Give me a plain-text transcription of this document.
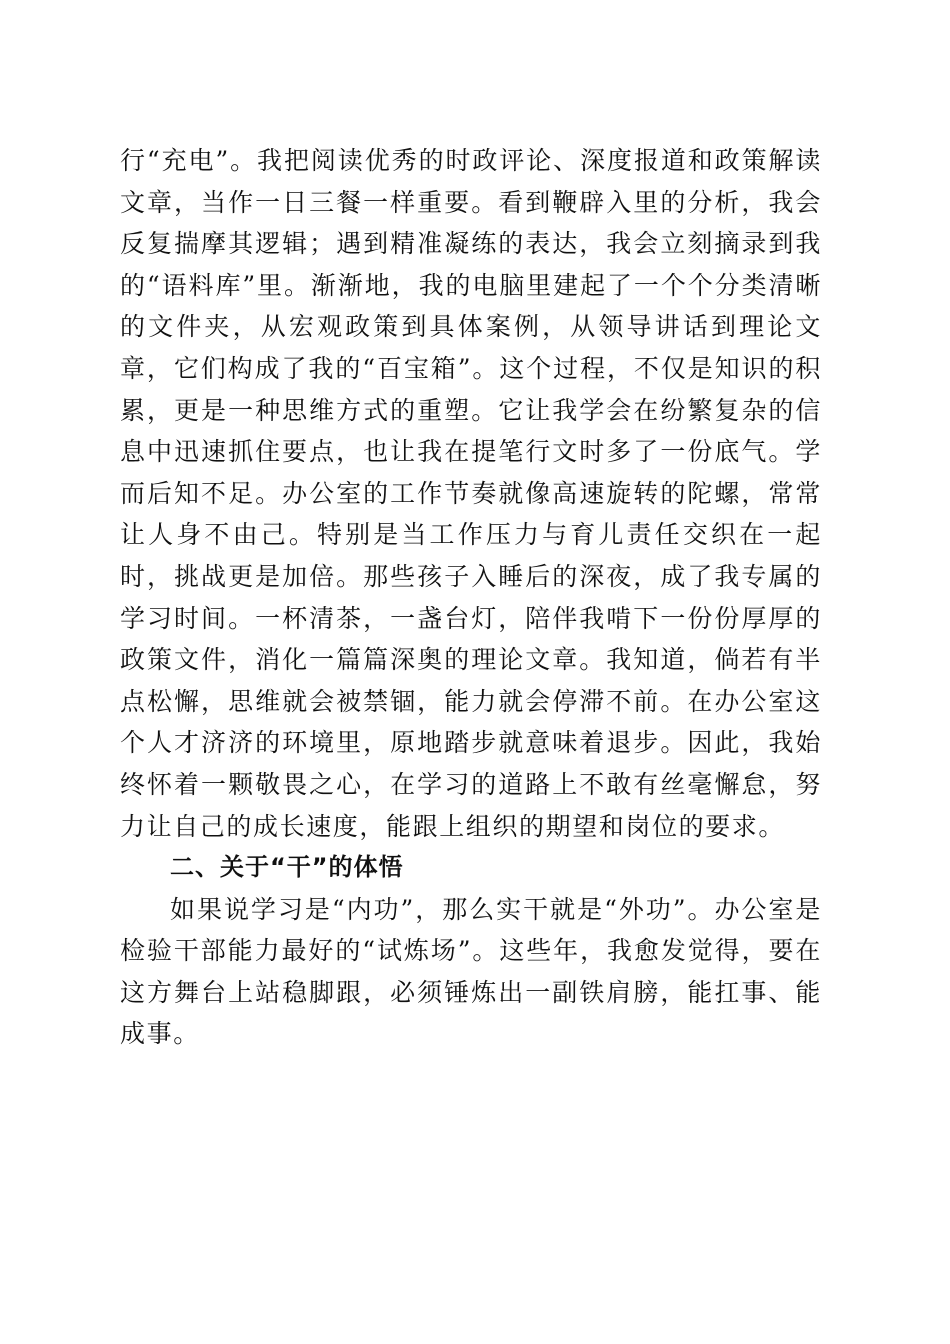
行“充电”。我把阅读优秀的时政评论、深度报道和政策解读文章，当作一日三餐一样重要。看到鞭辟入里的分析，我会反复揣摩其逻辑；遇到精准凝练的表达，我会立刻摘录到我的“语料库”里。渐渐地，我的电脑里建起了一个个分类清晰的文件夹，从宏观政策到具体案例，从领导讲话到理论文章，它们构成了我的“百宝箱”。这个过程，不仅是知识的积累，更是一种思维方式的重塑。它让我学会在纷繁复杂的信息中迅速抓住要点，也让我在提笔行文时多了一份底气。学而后知不足。办公室的工作节奏就像高速旋转的陀螺，常常让人身不由己。特别是当工作压力与育儿责任交织在一起时，挑战更是加倍。那些孩子入睡后的深夜，成了我专属的学习时间。一杯清茶，一盏台灯，陪伴我啃下一份份厚厚的政策文件，消化一篇篇深奥的理论文章。我知道，倘若有半点松懈，思维就会被禁锢，能力就会停滞不前。在办公室这个人才济济的环境里，原地踏步就意味着退步。因此，我始终怀着一颗敬畏之心，在学习的道路上不敢有丝毫懈怠，努力让自己的成长速度，能跟上组织的期望和岗位的要求。

二、关于“干”的体悟

如果说学习是“内功”，那么实干就是“外功”。办公室是检验干部能力最好的“试炼场”。这些年，我愈发觉得，要在这方舞台上站稳脚跟，必须锤炼出一副铁肩膀，能扛事、能成事。
